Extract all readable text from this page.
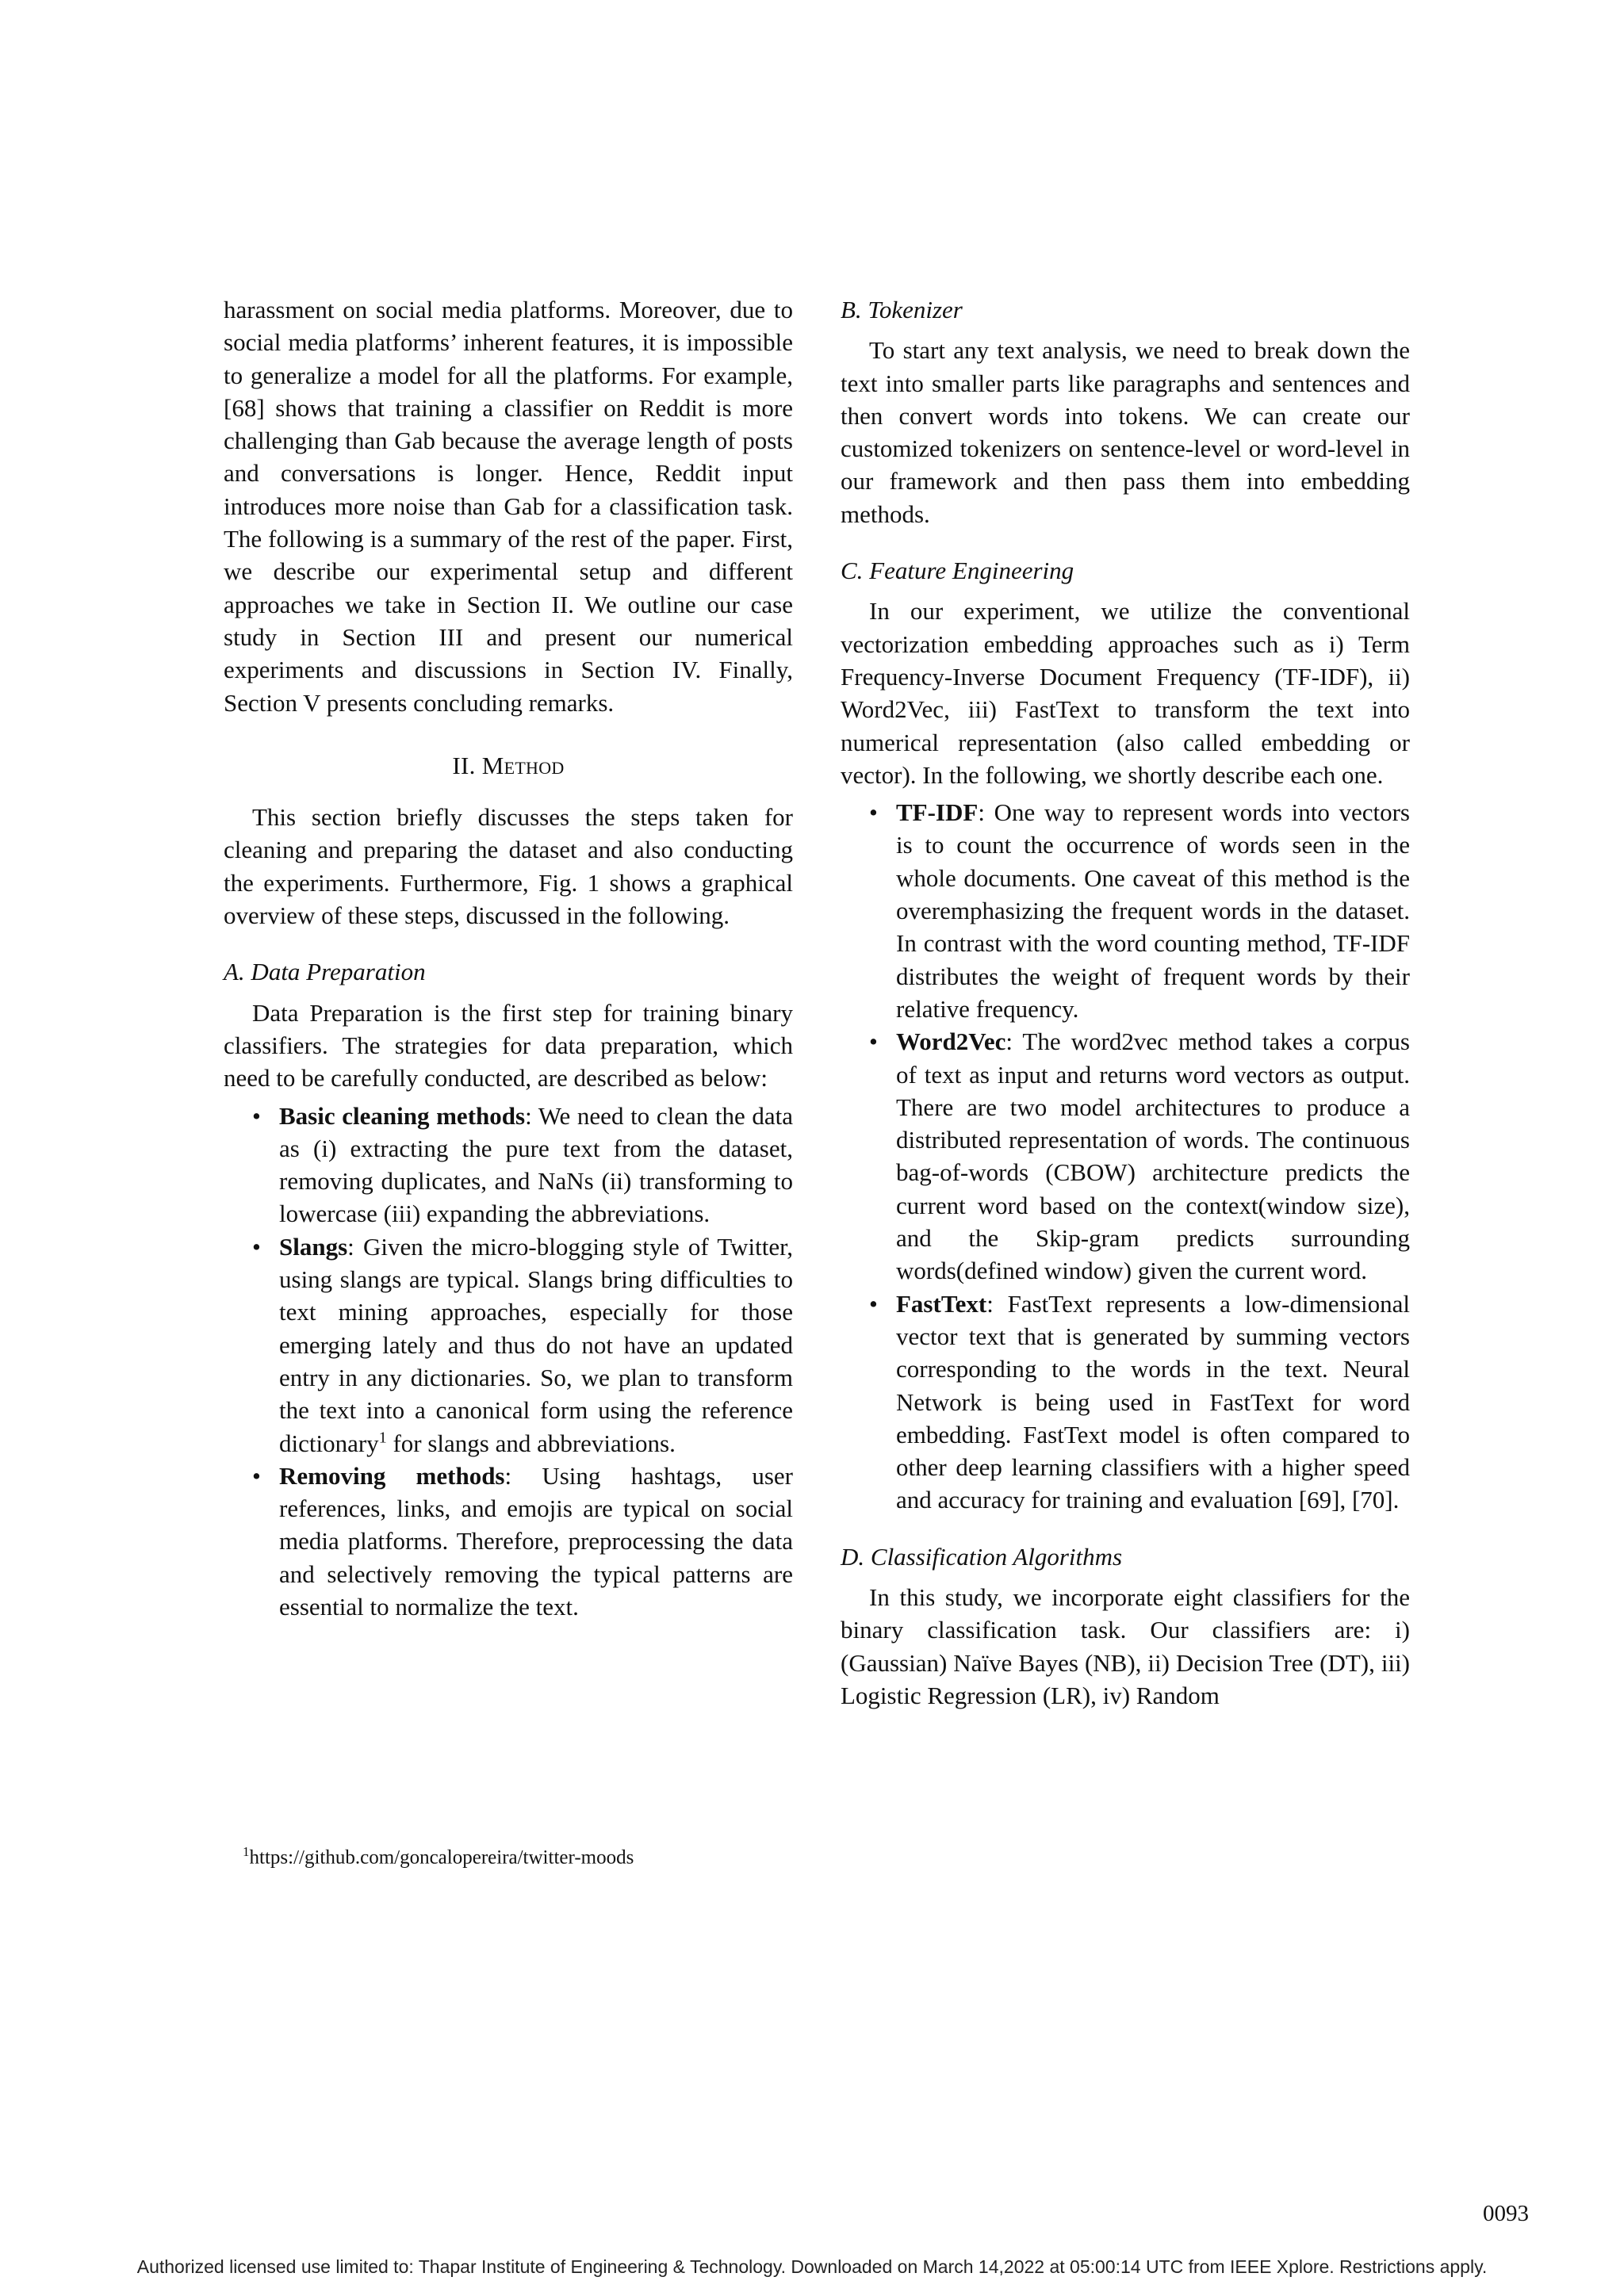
harassment on social media platforms. Moreover, due to social media platforms’ inherent features, it is impossible to generalize a model for all the platforms. For example, [68] shows that training a classifier on Reddit is more challenging than Gab because the average length of posts and conversations is longer. Hence, Reddit input introduces more noise than Gab for a classification task. The following is a summary of the rest of the paper. First, we describe our experimental setup and different approaches we take in Section II. We outline our case study in Section III and present our numerical experiments and discussions in Section IV. Finally, Section V presents concluding remarks.

II. Method

This section briefly discusses the steps taken for cleaning and preparing the dataset and also conducting the experiments. Furthermore, Fig. 1 shows a graphical overview of these steps, discussed in the following.

A. Data Preparation

Data Preparation is the first step for training binary classifiers. The strategies for data preparation, which need to be carefully conducted, are described as below:

• Basic cleaning methods: We need to clean the data as (i) extracting the pure text from the dataset, removing duplicates, and NaNs (ii) transforming to lowercase (iii) expanding the abbreviations.
• Slangs: Given the micro-blogging style of Twitter, using slangs are typical. Slangs bring difficulties to text mining approaches, especially for those emerging lately and thus do not have an updated entry in any dictionaries. So, we plan to transform the text into a canonical form using the reference dictionary$^1$ for slangs and abbreviations.
• Removing methods: Using hashtags, user references, links, and emojis are typical on social media platforms. Therefore, preprocessing the data and selectively removing the typical patterns are essential to normalize the text.
$^1$https://github.com/goncalopereira/twitter-moods
B. Tokenizer

To start any text analysis, we need to break down the text into smaller parts like paragraphs and sentences and then convert words into tokens. We can create our customized tokenizers on sentence-level or word-level in our framework and then pass them into embedding methods.

C. Feature Engineering

In our experiment, we utilize the conventional vectorization embedding approaches such as i) Term Frequency-Inverse Document Frequency (TF-IDF), ii) Word2Vec, iii) FastText to transform the text into numerical representation (also called embedding or vector). In the following, we shortly describe each one.

• TF-IDF: One way to represent words into vectors is to count the occurrence of words seen in the whole documents. One caveat of this method is the overemphasizing the frequent words in the dataset. In contrast with the word counting method, TF-IDF distributes the weight of frequent words by their relative frequency.
• Word2Vec: The word2vec method takes a corpus of text as input and returns word vectors as output. There are two model architectures to produce a distributed representation of words. The continuous bag-of-words (CBOW) architecture predicts the current word based on the context(window size), and the Skip-gram predicts surrounding words(defined window) given the current word.
• FastText: FastText represents a low-dimensional vector text that is generated by summing vectors corresponding to the words in the text. Neural Network is being used in FastText for word embedding. FastText model is often compared to other deep learning classifiers with a higher speed and accuracy for training and evaluation [69], [70].
D. Classification Algorithms

In this study, we incorporate eight classifiers for the binary classification task. Our classifiers are: i) (Gaussian) Naïve Bayes (NB), ii) Decision Tree (DT), iii) Logistic Regression (LR), iv) Random

0093
Authorized licensed use limited to: Thapar Institute of Engineering & Technology. Downloaded on March 14,2022 at 05:00:14 UTC from IEEE Xplore. Restrictions apply.
